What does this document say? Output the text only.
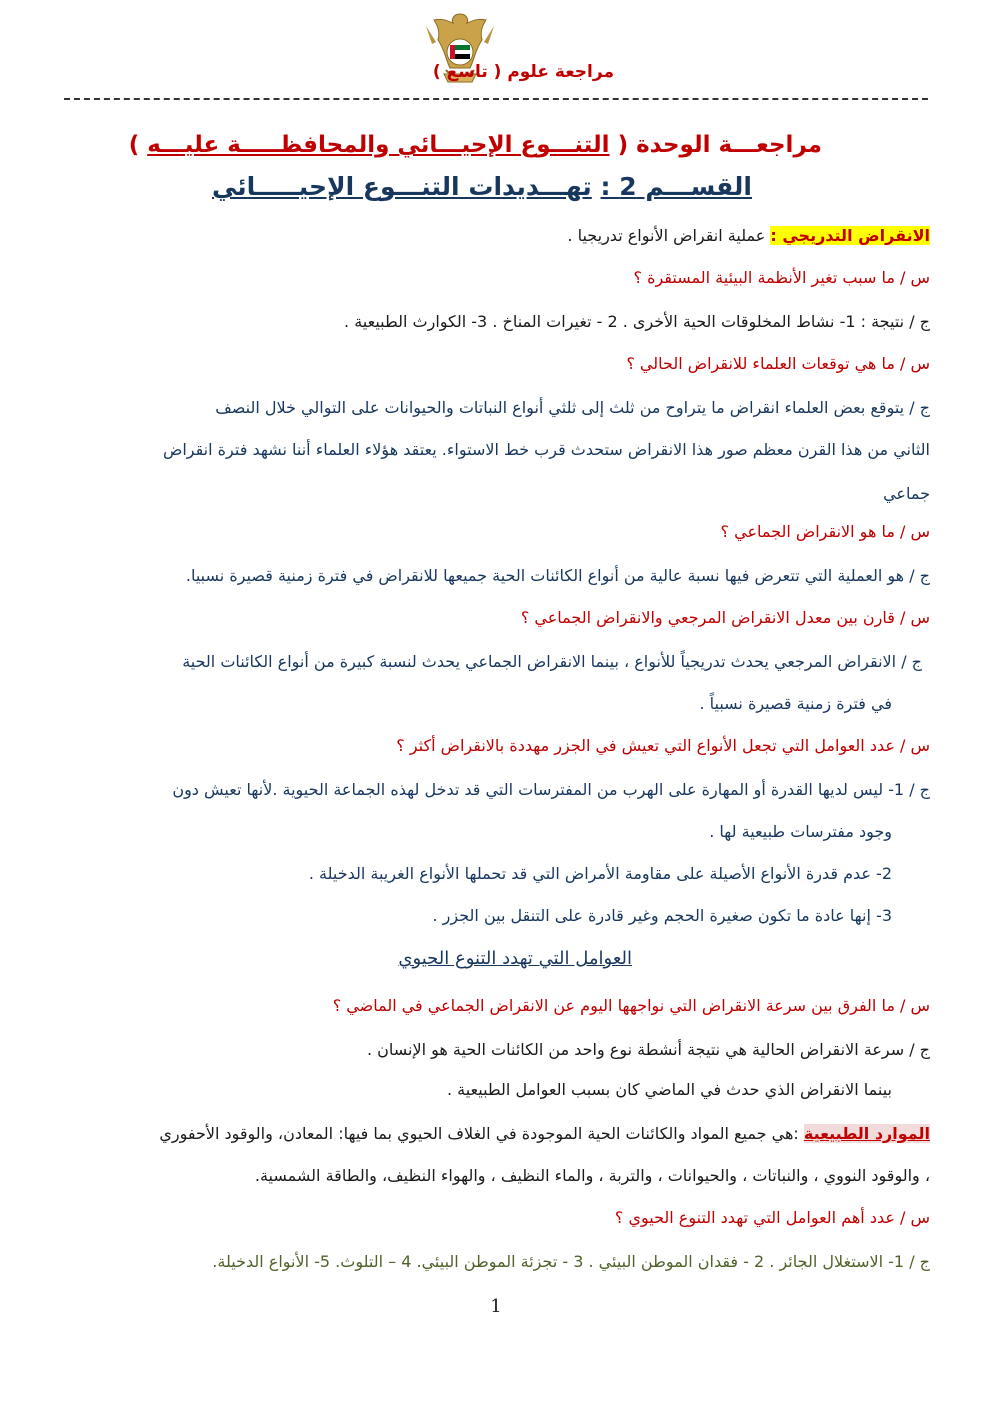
مراجعة علوم ( تاسع )
مراجعـــة الوحدة ( التنـــوع الإحيـــائي والمحافظـــــة عليـــه )
القســـم 2 : تهـــديدات التنـــوع الإحيـــــائي
الانقراض التدريجي : عملية انقراض الأنواع تدريجيا .
س / ما سبب تغير الأنظمة البيئية المستقرة ؟
ج / نتيجة : 1- نشاط المخلوقات الحية الأخرى . 2 - تغيرات المناخ . 3- الكوارث الطبيعية .
س / ما هي توقعات العلماء للانقراض الحالي ؟
ج / يتوقع بعض العلماء انقراض ما يتراوح من ثلث إلى ثلثي أنواع النباتات والحيوانات على التوالي خلال النصف
الثاني من هذا القرن معظم صور هذا الانقراض ستحدث قرب خط الاستواء. يعتقد هؤلاء العلماء أننا نشهد فترة انقراض
جماعي
س / ما هو الانقراض الجماعي ؟
ج / هو العملية التي تتعرض فيها نسبة عالية من أنواع الكائنات الحية جميعها للانقراض في فترة زمنية قصيرة نسبيا.
س / قارن بين معدل الانقراض المرجعي والانقراض الجماعي ؟
ج / الانقراض المرجعي يحدث تدريجياً للأنواع ، بينما الانقراض الجماعي يحدث لنسبة كبيرة من أنواع الكائنات الحية
في فترة زمنية قصيرة نسبياً .
س / عدد العوامل التي تجعل الأنواع التي تعيش في الجزر مهددة بالانقراض أكثر ؟
ج / 1- ليس لديها القدرة أو المهارة على الهرب من المفترسات التي قد تدخل لهذه الجماعة الحيوية .لأنها تعيش دون
وجود مفترسات طبيعية لها .
2- عدم قدرة الأنواع الأصيلة على مقاومة الأمراض التي قد تحملها الأنواع الغريبة الدخيلة .
3- إنها عادة ما تكون صغيرة الحجم وغير قادرة على التنقل بين الجزر .
العوامل التي تهدد التنوع الحيوي
س / ما الفرق بين سرعة الانقراض التي نواجهها اليوم عن الانقراض الجماعي في الماضي ؟
ج / سرعة الانقراض الحالية هي نتيجة أنشطة نوع واحد من الكائنات الحية هو الإنسان .
بينما الانقراض الذي حدث في الماضي كان بسبب العوامل الطبيعية .
الموارد الطبيعية :هي جميع المواد والكائنات الحية الموجودة في الغلاف الحيوي بما فيها: المعادن، والوقود الأحفوري
، والوقود النووي ، والنباتات ، والحيوانات ، والتربة ، والماء النظيف ، والهواء النظيف، والطاقة الشمسية.
س / عدد أهم العوامل التي تهدد التنوع الحيوي ؟
ج / 1- الاستغلال الجائر . 2 - فقدان الموطن البيئي . 3 - تجزئة الموطن البيئي. 4 – التلوث. 5- الأنواع الدخيلة.
1
